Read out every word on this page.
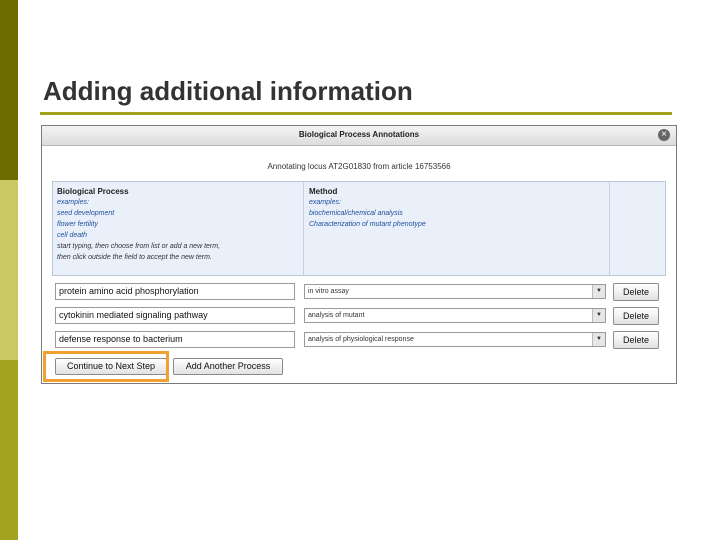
Adding additional information
Biological Process Annotations	×
Annotating locus AT2G01830 from article 16753566
Biological Process
examples:
seed development
flower fertility
cell death
start typing, then choose from list or add a new term,
then click outside the field to accept the new term.
Method
examples:
biochemical/chemical analysis
Characterization of mutant phenotype
protein amino acid phosphorylation	in vitro assay	▼	Delete
cytokinin mediated signaling pathway	analysis of mutant	▼	Delete
defense response to bacterium	analysis of physiological response	▼	Delete
Continue to Next Step	Add Another Process
